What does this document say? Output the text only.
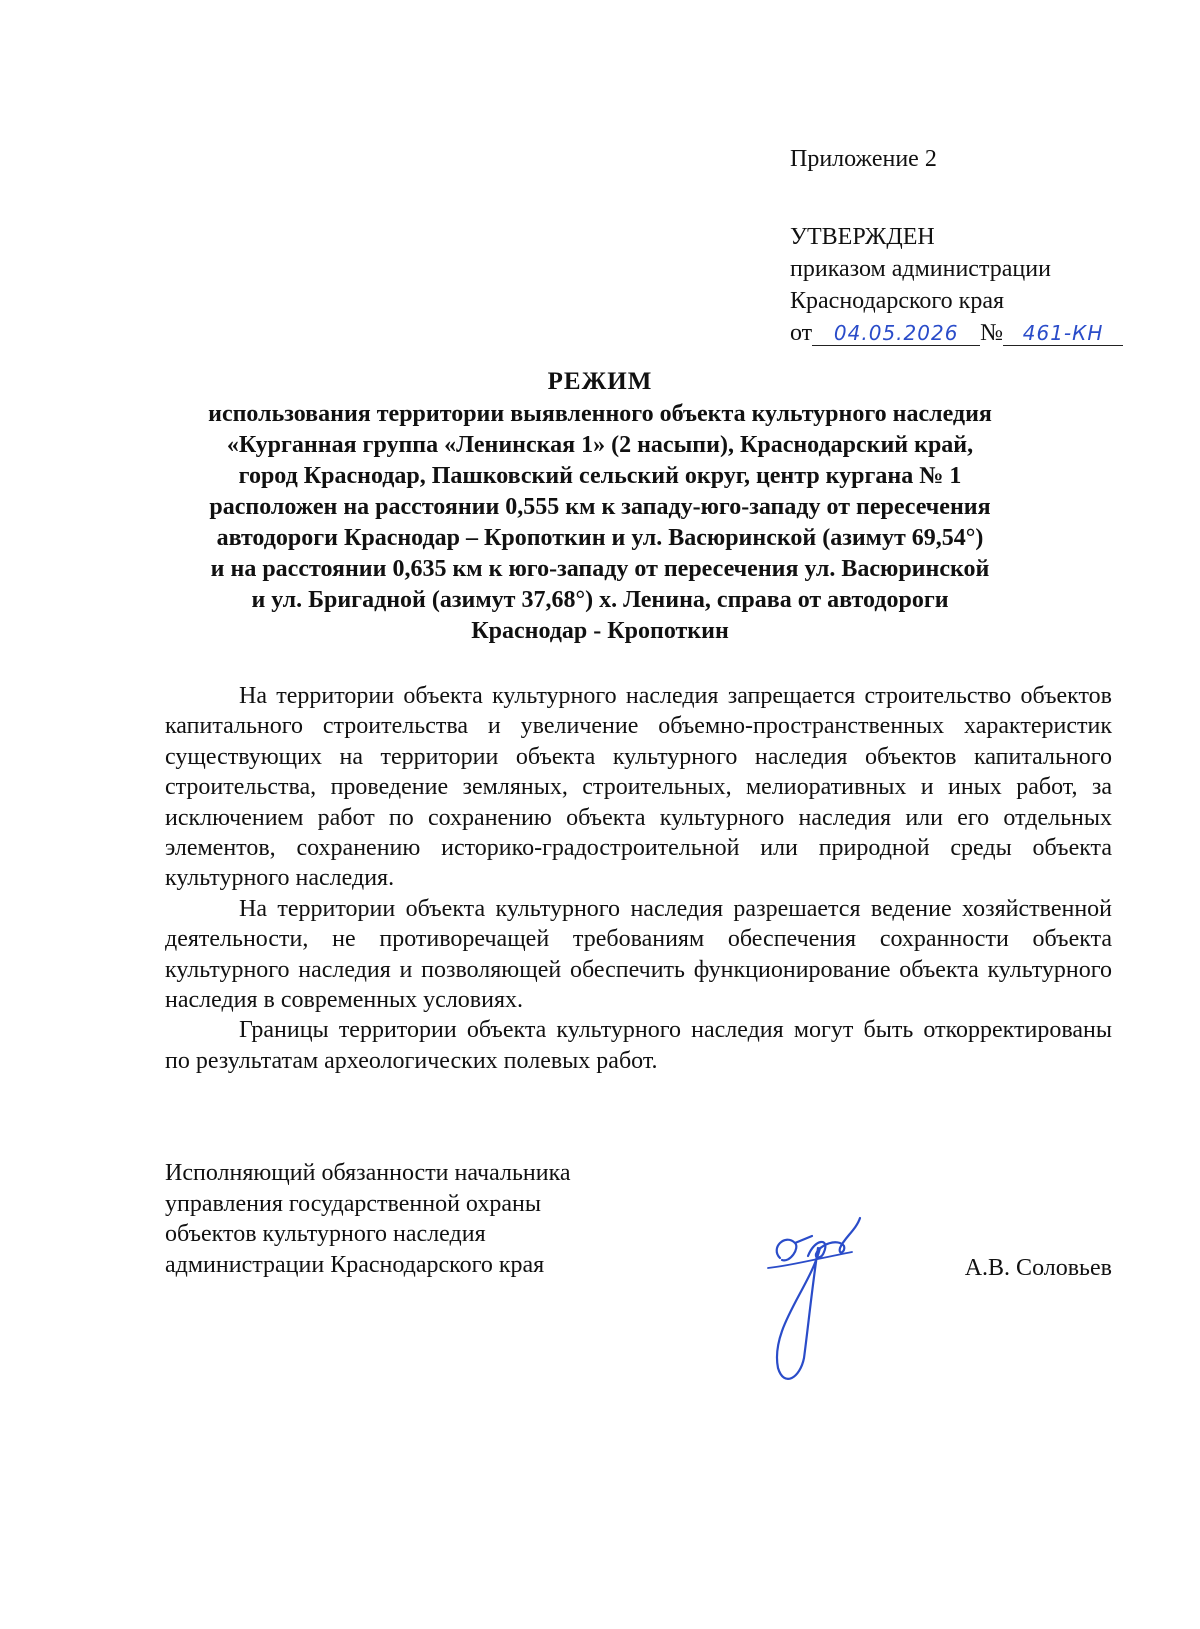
Приложение 2
УТВЕРЖДЕН
приказом администрации
Краснодарского края
от 04.05.2026 № 461-КН
РЕЖИМ
использования территории выявленного объекта культурного наследия
«Курганная группа «Ленинская 1» (2 насыпи), Краснодарский край,
город Краснодар, Пашковский сельский округ, центр кургана № 1
расположен на расстоянии 0,555 км к западу-юго-западу от пересечения
автодороги Краснодар – Кропоткин и ул. Васюринской (азимут 69,54°)
и на расстоянии 0,635 км к юго-западу от пересечения ул. Васюринской
и ул. Бригадной (азимут 37,68°) х. Ленина, справа от автодороги
Краснодар - Кропоткин

На территории объекта культурного наследия запрещается строительство объектов капитального строительства и увеличение объемно-пространственных характеристик существующих на территории объекта культурного наследия объектов капитального строительства, проведение земляных, строительных, мелиоративных и иных работ, за исключением работ по сохранению объекта культурного наследия или его отдельных элементов, сохранению историко-градостроительной или природной среды объекта культурного наследия.

На территории объекта культурного наследия разрешается ведение хозяйственной деятельности, не противоречащей требованиям обеспечения сохранности объекта культурного наследия и позволяющей обеспечить функционирование объекта культурного наследия в современных условиях.

Границы территории объекта культурного наследия могут быть откорректированы по результатам археологических полевых работ.

Исполняющий обязанности начальника
управления государственной охраны
объектов культурного наследия
администрации Краснодарского края	А.В. Соловьев
